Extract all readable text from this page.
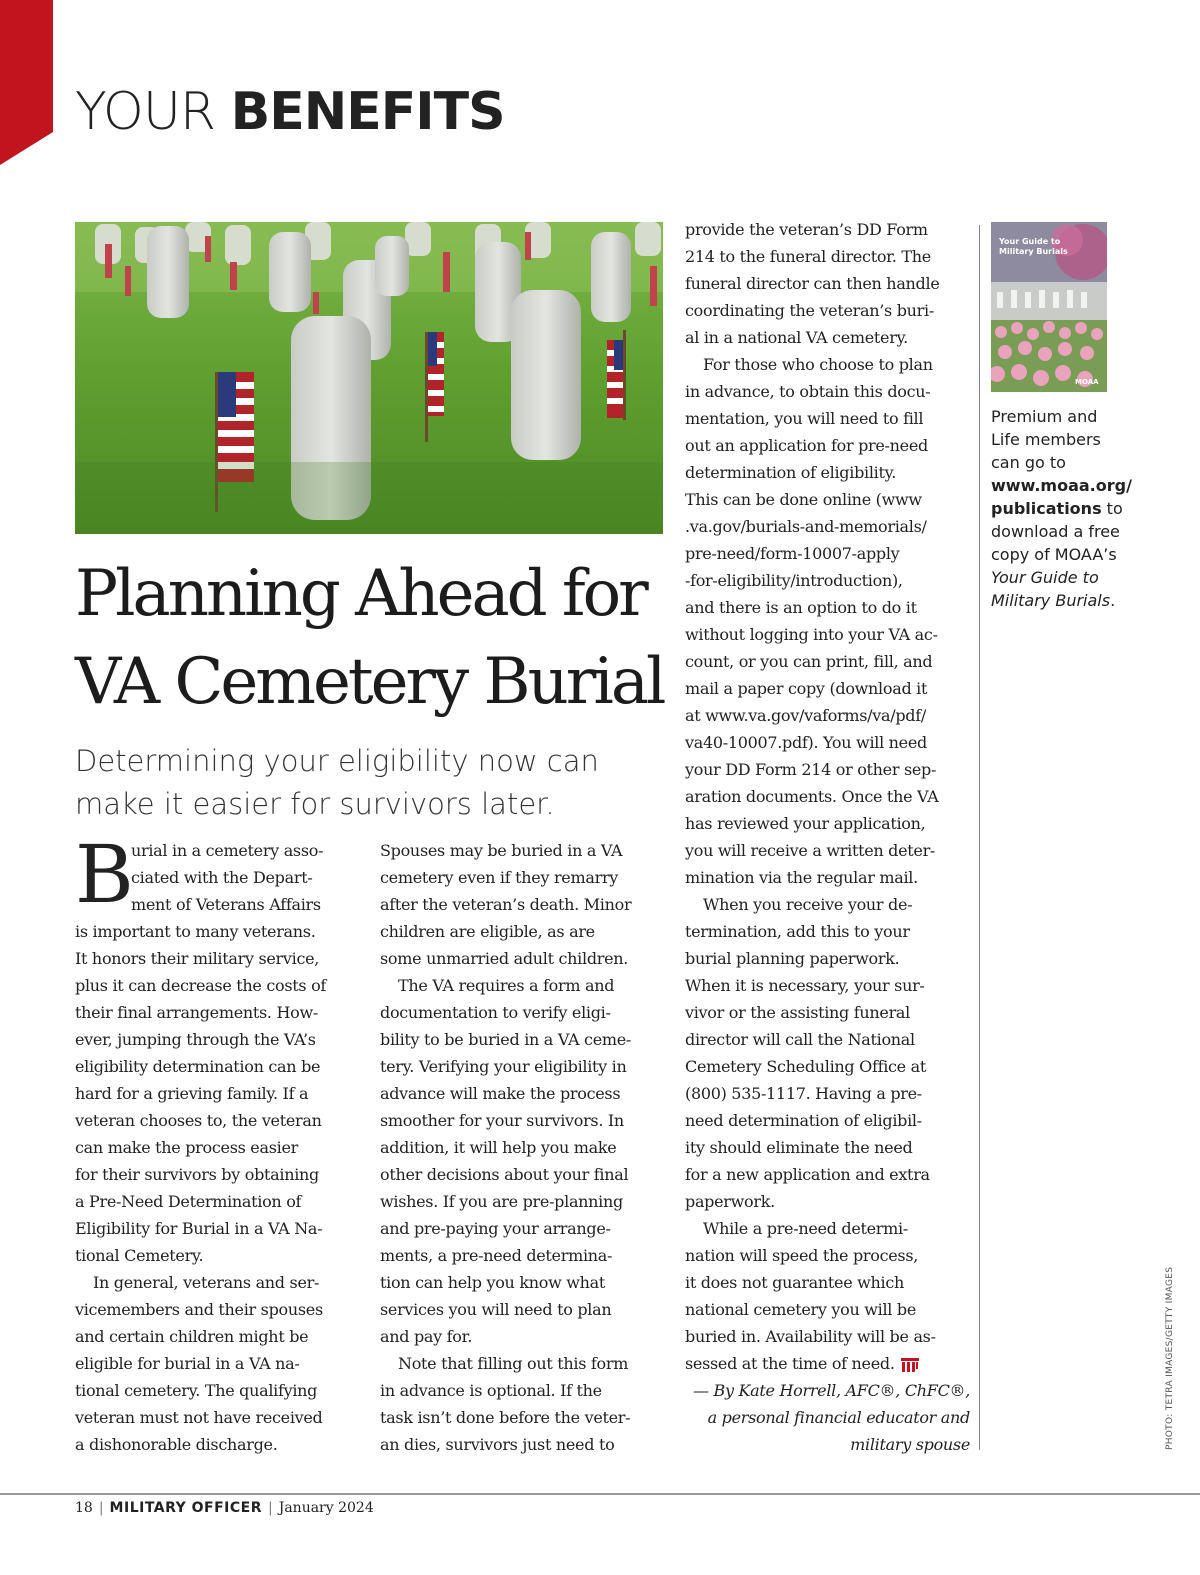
YOUR BENEFITS
Planning Ahead for
VA Cemetery Burial

Determining your eligibility now can
make it easier for survivors later.

B
urial in a cemetery asso-
ciated with the Depart-
ment of Veterans Affairs
is important to many veterans.
It honors their military service,
plus it can decrease the costs of
their final arrangements. How-
ever, jumping through the VA’s
eligibility determination can be
hard for a grieving family. If a
veteran chooses to, the veteran
can make the process easier
for their survivors by obtaining
a Pre-Need Determination of
Eligibility for Burial in a VA Na-
tional Cemetery.
In general, veterans and ser-
vicemembers and their spouses
and certain children might be
eligible for burial in a VA na-
tional cemetery. The qualifying
veteran must not have received
a dishonorable discharge.
Spouses may be buried in a VA
cemetery even if they remarry
after the veteran’s death. Minor
children are eligible, as are
some unmarried adult children.
The VA requires a form and
documentation to verify eligi-
bility to be buried in a VA ceme-
tery. Verifying your eligibility in
advance will make the process
smoother for your survivors. In
addition, it will help you make
other decisions about your final
wishes. If you are pre-planning
and pre-paying your arrange-
ments, a pre-need determina-
tion can help you know what
services you will need to plan
and pay for.
Note that filling out this form
in advance is optional. If the
task isn’t done before the veter-
an dies, survivors just need to
provide the veteran’s DD Form
214 to the funeral director. The
funeral director can then handle
coordinating the veteran’s buri-
al in a national VA cemetery.
For those who choose to plan
in advance, to obtain this docu-
mentation, you will need to fill
out an application for pre-need
determination of eligibility.
This can be done online (www
.va.gov/burials-and-memorials/
pre-need/form-10007-apply
-for-eligibility/introduction),
and there is an option to do it
without logging into your VA ac-
count, or you can print, fill, and
mail a paper copy (download it
at www.va.gov/vaforms/va/pdf/
va40-10007.pdf). You will need
your DD Form 214 or other sep-
aration documents. Once the VA
has reviewed your application,
you will receive a written deter-
mination via the regular mail.
When you receive your de-
termination, add this to your
burial planning paperwork.
When it is necessary, your sur-
vivor or the assisting funeral
director will call the National
Cemetery Scheduling Office at
(800) 535-1117. Having a pre-
need determination of eligibil-
ity should eliminate the need
for a new application and extra
paperwork.
While a pre-need determi-
nation will speed the process,
it does not guarantee which
national cemetery you will be
buried in. Availability will be as-
sessed at the time of need.
— By Kate Horrell, AFC®, ChFC®,
a personal financial educator and
military spouse
Your Guide to
Military Burials
MOAA
Premium and
Life members
can go to
www.moaa.org/
publications to
download a free
copy of MOAA’s
Your Guide to
Military Burials.
PHOTO: TETRA IMAGES/GETTY IMAGES
18 | MILITARY OFFICER | January 2024
